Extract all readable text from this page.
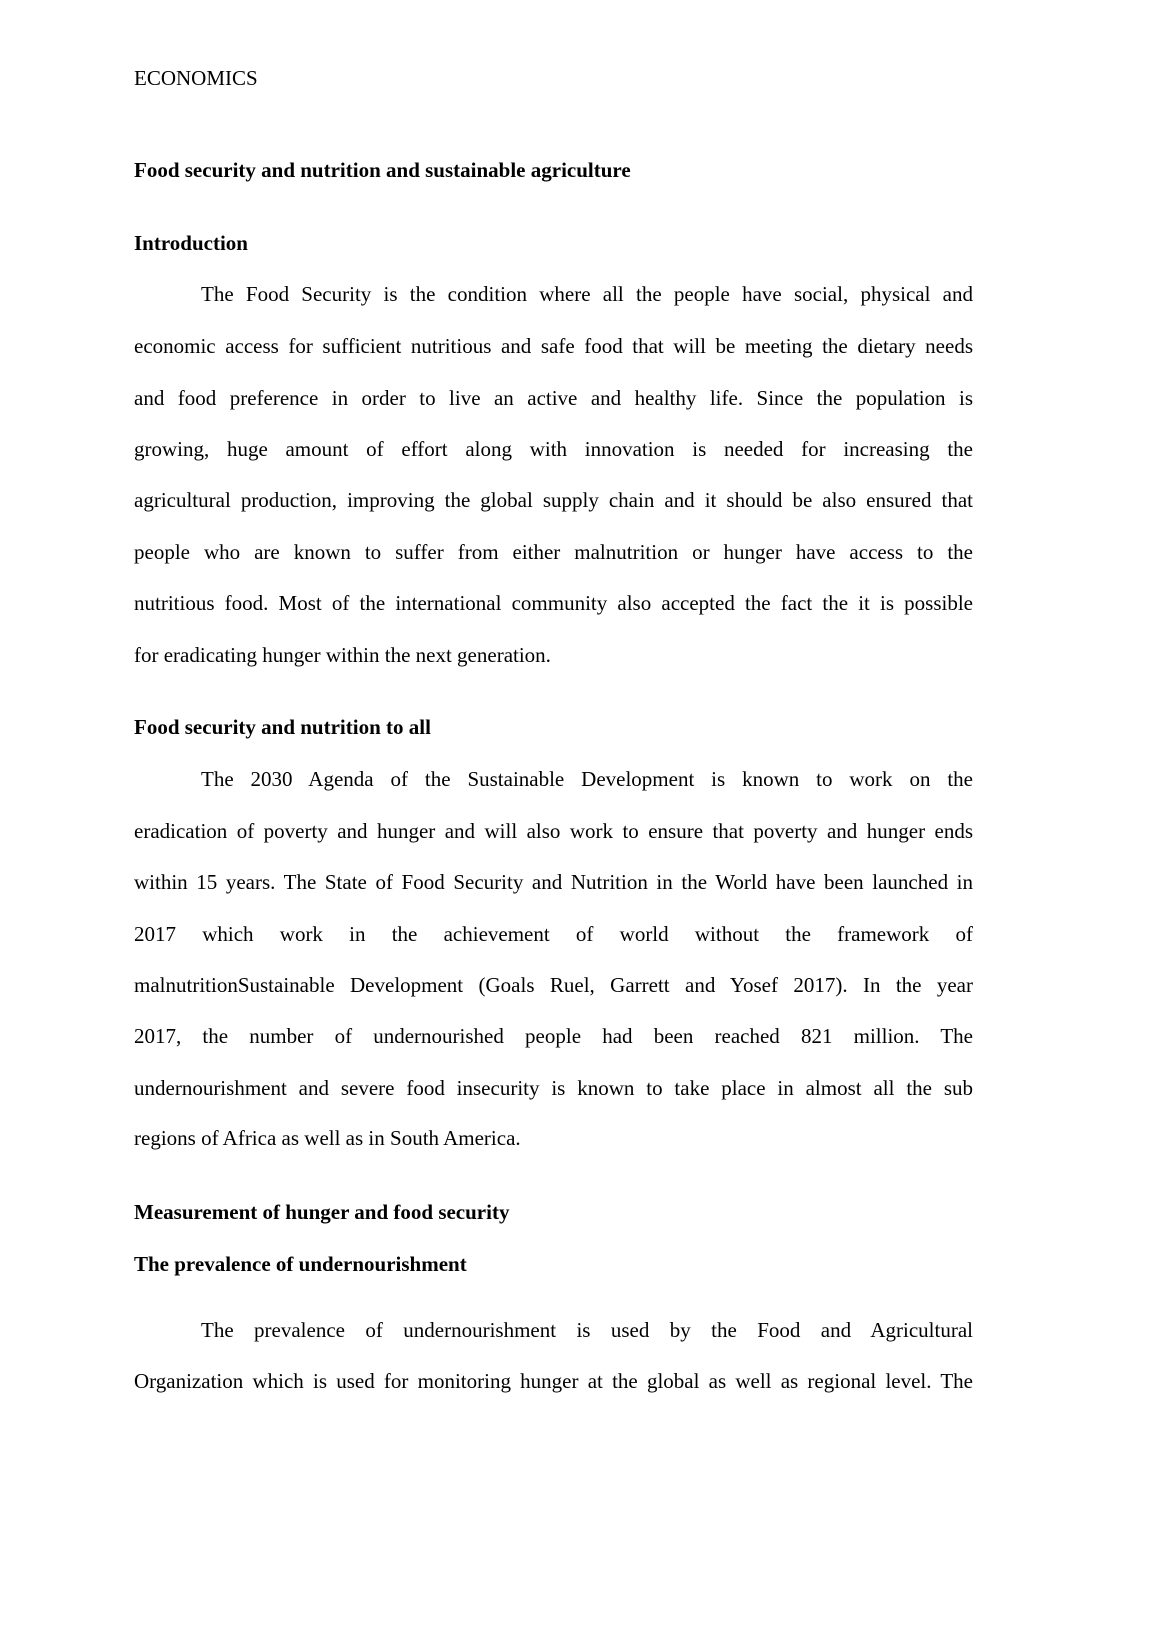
ECONOMICS
Food security and nutrition and sustainable agriculture
Introduction
The Food Security is the condition where all the people have social, physical and
economic access for sufficient nutritious and safe food that will be meeting the dietary needs
and food preference in order to live an active and healthy life. Since the population is
growing, huge amount of effort along with innovation is needed for increasing the
agricultural production, improving the global supply chain and it should be also ensured that
people who are known to suffer from either malnutrition or hunger have access to the
nutritious food. Most of the international community also accepted the fact the it is possible
for eradicating hunger within the next generation.
Food security and nutrition to all
The 2030 Agenda of the Sustainable Development is known to work on the
eradication of poverty and hunger and will also work to ensure that poverty and hunger ends
within 15 years. The State of Food Security and Nutrition in the World have been launched in
2017 which work in the achievement of world without the framework of
malnutritionSustainable Development (Goals Ruel, Garrett and Yosef 2017). In the year
2017, the number of undernourished people had been reached 821 million. The
undernourishment and severe food insecurity is known to take place in almost all the sub
regions of Africa as well as in South America.
Measurement of hunger and food security
The prevalence of undernourishment
The prevalence of undernourishment is used by the Food and Agricultural
Organization which is used for monitoring hunger at the global as well as regional level. The
